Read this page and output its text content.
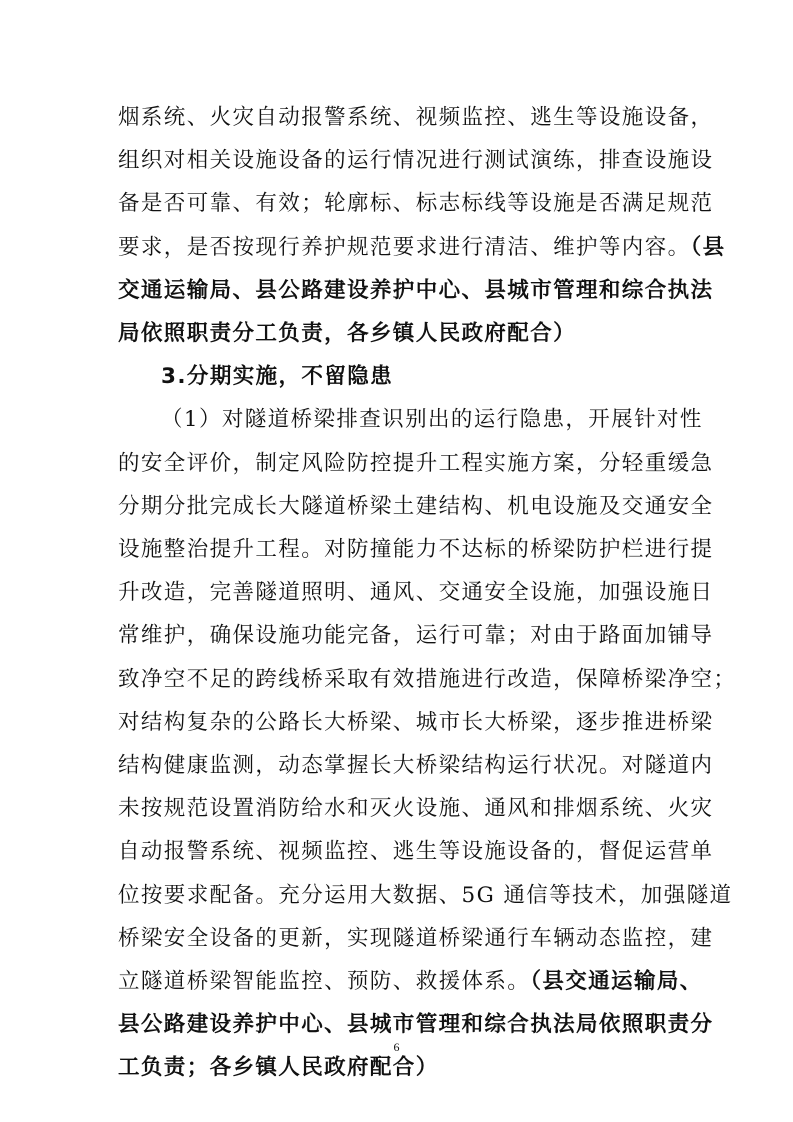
6
烟系统、火灾自动报警系统、视频监控、逃生等设施设备，
组织对相关设施设备的运行情况进行测试演练，排查设施设
备是否可靠、有效；轮廓标、标志标线等设施是否满足规范
要求，是否按现行养护规范要求进行清洁、维护等内容。（县
交通运输局、县公路建设养护中心、县城市管理和综合执法
局依照职责分工负责，各乡镇人民政府配合）
3.分期实施，不留隐患
（1）对隧道桥梁排查识别出的运行隐患，开展针对性
的安全评价，制定风险防控提升工程实施方案，分轻重缓急
分期分批完成长大隧道桥梁土建结构、机电设施及交通安全
设施整治提升工程。对防撞能力不达标的桥梁防护栏进行提
升改造，完善隧道照明、通风、交通安全设施，加强设施日
常维护，确保设施功能完备，运行可靠；对由于路面加铺导
致净空不足的跨线桥采取有效措施进行改造，保障桥梁净空；
对结构复杂的公路长大桥梁、城市长大桥梁，逐步推进桥梁
结构健康监测，动态掌握长大桥梁结构运行状况。对隧道内
未按规范设置消防给水和灭火设施、通风和排烟系统、火灾
自动报警系统、视频监控、逃生等设施设备的，督促运营单
位按要求配备。充分运用大数据、5G 通信等技术，加强隧道
桥梁安全设备的更新，实现隧道桥梁通行车辆动态监控，建
立隧道桥梁智能监控、预防、救援体系。（县交通运输局、
县公路建设养护中心、县城市管理和综合执法局依照职责分
工负责；各乡镇人民政府配合）
